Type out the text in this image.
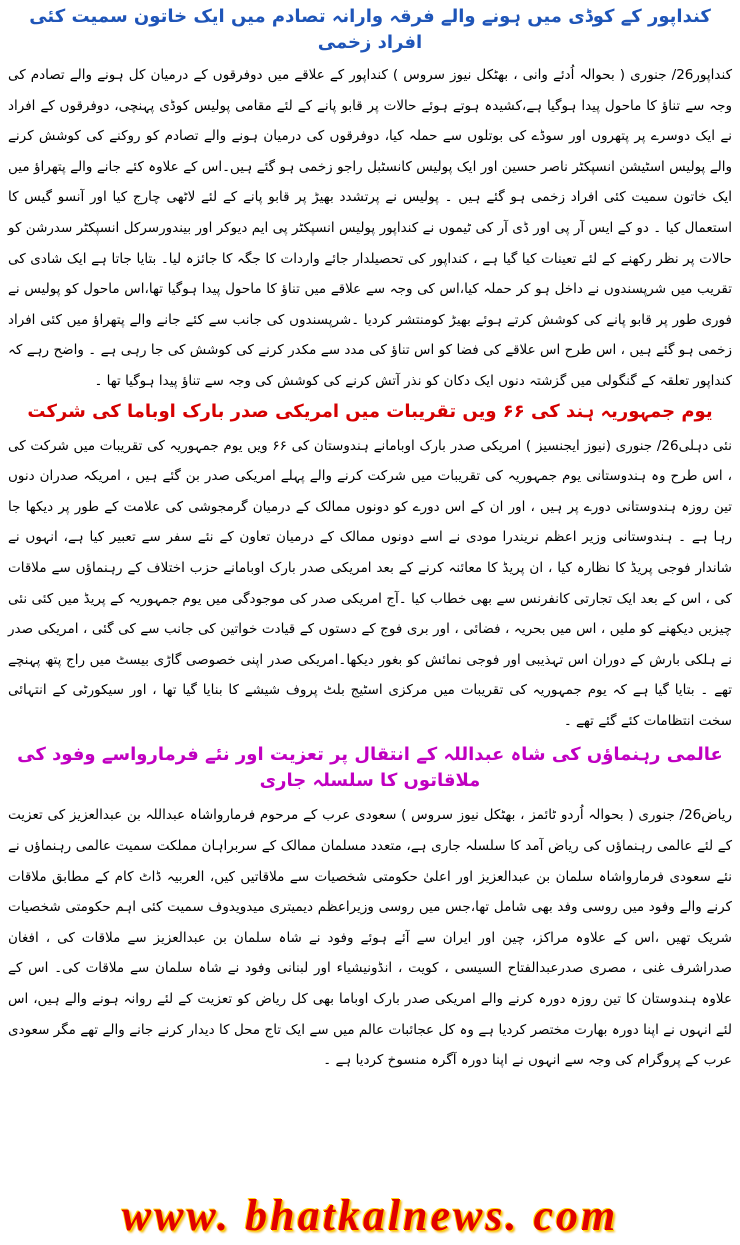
کنداپور کے کوڈی میں ہونے والے فرقہ وارانہ تصادم میں ایک خاتون سمیت کئی افراد زخمی

کنداپور26/ جنوری ( بحوالہ اُدئے وانی ، بھٹکل نیوز سروس ) کنداپور کے علاقے میں دوفرقوں کے درمیان کل ہونے والے تصادم کی وجہ سے تناؤ کا ماحول پیدا ہوگیا ہے،کشیدہ ہوتے ہوئے حالات پر قابو پانے کے لئے مقامی پولیس کوڈی پہنچی، دوفرقوں کے افراد نے ایک دوسرے پر پتھروں اور سوڈے کی بوتلوں سے حملہ کیا، دوفرقوں کی درمیان ہونے والے تصادم کو روکنے کی کوشش کرنے والے پولیس اسٹیشن انسپکٹر ناصر حسین اور ایک پولیس کانسٹبل راجو زخمی ہو گئے ہیں۔اس کے علاوہ کئے جانے والے پتھراؤ میں ایک خاتون سمیت کئی افراد زخمی ہو گئے ہیں ۔ پولیس نے پرتشدد بھیڑ پر قابو پانے کے لئے لاٹھی چارج کیا اور آنسو گیس کا استعمال کیا ۔ دو کے ایس آر پی اور ڈی آر کی ٹیموں نے کنداپور پولیس انسپکٹر پی ایم دیوکر اور بیندورسرکل انسپکٹر سدرشن کو حالات پر نظر رکھنے کے لئے تعینات کیا گیا ہے ، کنداپور کی تحصیلدار جائے واردات کا جگہ کا جائزہ لیا۔ بتایا جاتا ہے ایک شادی کی تقریب میں شرپسندوں نے داخل ہو کر حملہ کیا،اس کی وجہ سے علاقے میں تناؤ کا ماحول پیدا ہوگیا تھا،اس ماحول کو پولیس نے فوری طور پر قابو پانے کی کوشش کرتے ہوئے بھیڑ کومنتشر کردیا ۔شرپسندوں کی جانب سے کئے جانے والے پتھراؤ میں کئی افراد زخمی ہو گئے ہیں ، اس طرح اس علاقے کی فضا کو اس تناؤ کی مدد سے مکدر کرنے کی کوشش کی جا رہی ہے ۔ واضح رہے کہ کنداپور تعلقہ کے گنگولی میں گزشتہ دنوں ایک دکان کو نذر آتش کرنے کی کوشش کی وجہ سے تناؤ پیدا ہوگیا تھا ۔

یوم جمہوریہ ہند کی ۶۶ ویں تقریبات میں امریکی صدر بارک اوباما کی شرکت

نئی دہلی26/ جنوری (نیوز ایجنسیز ) امریکی صدر بارک اوبامانے ہندوستان کی ۶۶ ویں یوم جمہوریہ کی تقریبات میں شرکت کی ، اس طرح وہ ہندوستانی یوم جمہوریہ کی تقریبات میں شرکت کرنے والے پہلے امریکی صدر بن گئے ہیں ، امریکہ صدران دنوں تین روزہ ہندوستانی دورے پر ہیں ، اور ان کے اس دورے کو دونوں ممالک کے درمیان گرمجوشی کی علامت کے طور پر دیکھا جا رہا ہے ۔ ہندوستانی وزیر اعظم نریندرا مودی نے اسے دونوں ممالک کے درمیان تعاون کے نئے سفر سے تعبیر کیا ہے، انہوں نے شاندار فوجی پریڈ کا نظارہ کیا ، ان پریڈ کا معائنہ کرنے کے بعد امریکی صدر بارک اوبامانے حزب اختلاف کے رہنماؤں سے ملاقات کی ، اس کے بعد ایک تجارتی کانفرنس سے بھی خطاب کیا ۔آج امریکی صدر کی موجودگی میں یوم جمہوریہ کے پریڈ میں کئی نئی چیزیں دیکھنے کو ملیں ، اس میں بحریہ ، فضائی ، اور بری فوج کے دستوں کے قیادت خواتین کی جانب سے کی گئی ، امریکی صدر نے ہلکی بارش کے دوران اس تہذیبی اور فوجی نمائش کو بغور دیکھا۔امریکی صدر اپنی خصوصی گاڑی بیسٹ میں راج پتھ پہنچے تھے ۔ بتایا گیا ہے کہ یوم جمہوریہ کی تقریبات میں مرکزی اسٹیج بلٹ پروف شیشے کا بنایا گیا تھا ، اور سیکورٹی کے انتہائی سخت انتظامات کئے گئے تھے ۔

عالمی رہنماؤں کی شاہ عبداللہ کے انتقال پر تعزیت اور نئے فرمارواسے وفود کی ملاقاتوں کا سلسلہ جاری

ریاض26/ جنوری ( بحوالہ اُردو ٹائمز ، بھٹکل نیوز سروس ) سعودی عرب کے مرحوم فرمارواشاہ عبداللہ بن عبدالعزیز کی تعزیت کے لئے عالمی رہنماؤں کی ریاض آمد کا سلسلہ جاری ہے، متعدد مسلمان ممالک کے سربراہان مملکت سمیت عالمی رہنماؤں نے نئے سعودی فرمارواشاہ سلمان بن عبدالعزیز اور اعلیٰ حکومتی شخصیات سے ملاقاتیں کیں، العربیہ ڈاٹ کام کے مطابق ملاقات کرنے والے وفود میں روسی وفد بھی شامل تھا،جس میں روسی وزیراعظم دیمیتری میدویدوف سمیت کئی اہم حکومتی شخصیات شریک تھیں ،اس کے علاوہ مراکز، چین اور ایران سے آئے ہوئے وفود نے شاہ سلمان بن عبدالعزیز سے ملاقات کی ، افغان صدراشرف غنی ، مصری صدرعبدالفتاح السیسی ، کویت ، انڈونیشیاء اور لبنانی وفود نے شاہ سلمان سے ملاقات کی۔ اس کے علاوہ ہندوستان کا تین روزہ دورہ کرنے والے امریکی صدر بارک اوباما بھی کل ریاض کو تعزیت کے لئے روانہ ہونے والے ہیں، اس لئے انہوں نے اپنا دورہ بھارت مختصر کردیا ہے وہ کل عجائبات عالم میں سے ایک تاج محل کا دیدار کرنے جانے والے تھے مگر سعودی عرب کے پروگرام کی وجہ سے انہوں نے اپنا دورہ آگرہ منسوخ کردیا ہے ۔

www. bhatkalnews. com
